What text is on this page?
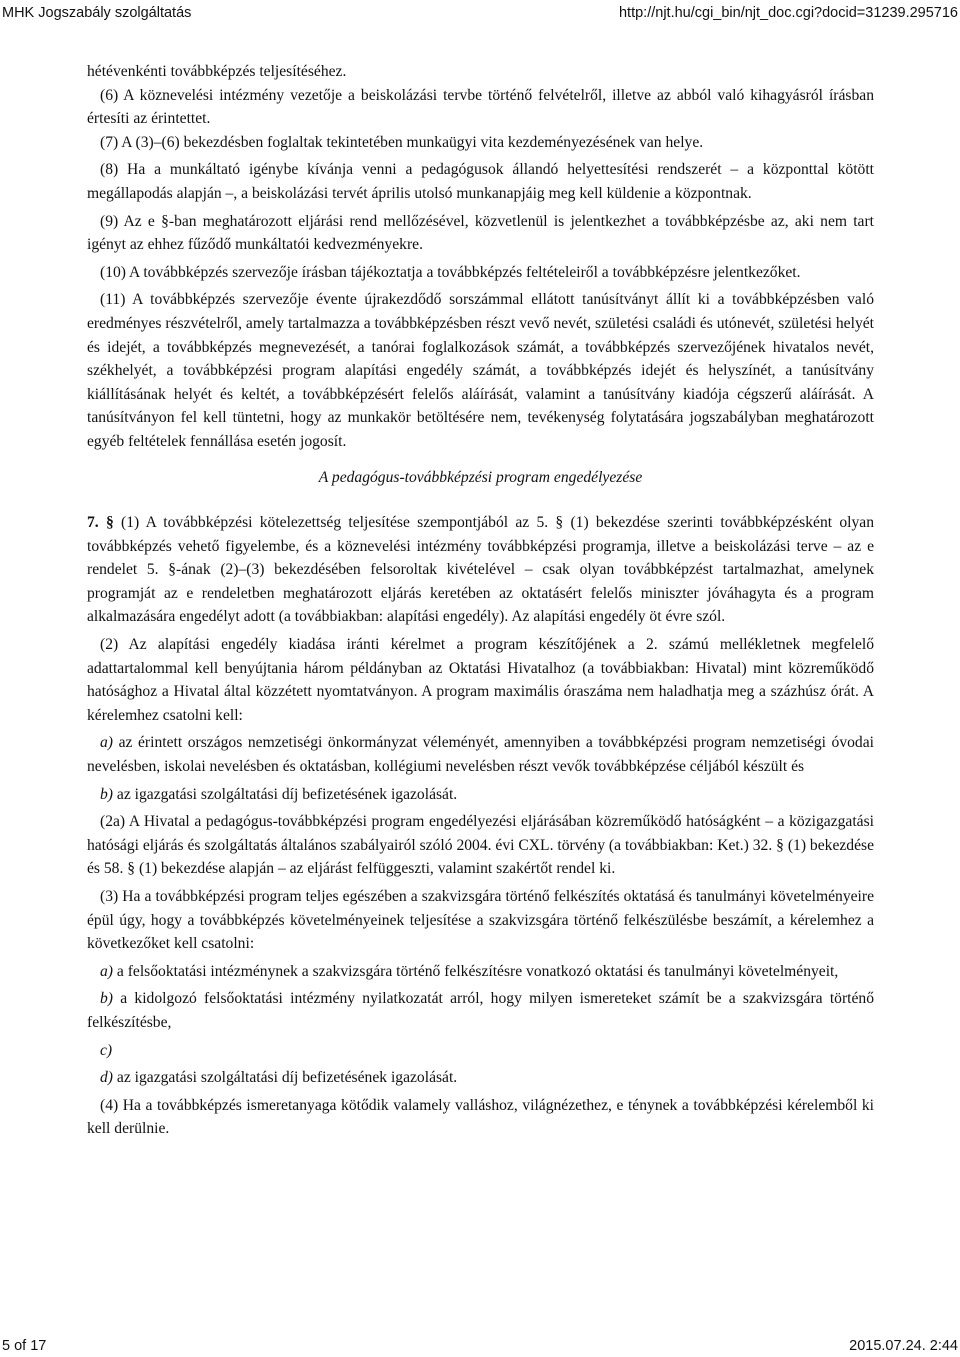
MHK Jogszabály szolgáltatás	http://njt.hu/cgi_bin/njt_doc.cgi?docid=31239.295716

hétévenkénti továbbképzés teljesítéséhez.

(6) A köznevelési intézmény vezetője a beiskolázási tervbe történő felvételről, illetve az abból való kihagyásról írásban értesíti az érintettet.

(7) A (3)–(6) bekezdésben foglaltak tekintetében munkaügyi vita kezdeményezésének van helye.

(8) Ha a munkáltató igénybe kívánja venni a pedagógusok állandó helyettesítési rendszerét – a központtal kötött megállapodás alapján –, a beiskolázási tervét április utolsó munkanapjáig meg kell küldenie a központnak.

(9) Az e §-ban meghatározott eljárási rend mellőzésével, közvetlenül is jelentkezhet a továbbképzésbe az, aki nem tart igényt az ehhez fűződő munkáltatói kedvezményekre.

(10) A továbbképzés szervezője írásban tájékoztatja a továbbképzés feltételeiről a továbbképzésre jelentkezőket.

(11) A továbbképzés szervezője évente újrakezdődő sorszámmal ellátott tanúsítványt állít ki a továbbképzésben való eredményes részvételről, amely tartalmazza a továbbképzésben részt vevő nevét, születési családi és utónevét, születési helyét és idejét, a továbbképzés megnevezését, a tanórai foglalkozások számát, a továbbképzés szervezőjének hivatalos nevét, székhelyét, a továbbképzési program alapítási engedély számát, a továbbképzés idejét és helyszínét, a tanúsítvány kiállításának helyét és keltét, a továbbképzésért felelős aláírását, valamint a tanúsítvány kiadója cégszerű aláírását. A tanúsítványon fel kell tüntetni, hogy az munkakör betöltésére nem, tevékenység folytatására jogszabályban meghatározott egyéb feltételek fennállása esetén jogosít.

A pedagógus-továbbképzési program engedélyezése

7. § (1) A továbbképzési kötelezettség teljesítése szempontjából az 5. § (1) bekezdése szerinti továbbképzésként olyan továbbképzés vehető figyelembe, és a köznevelési intézmény továbbképzési programja, illetve a beiskolázási terve – az e rendelet 5. §-ának (2)–(3) bekezdésében felsoroltak kivételével – csak olyan továbbképzést tartalmazhat, amelynek programját az e rendeletben meghatározott eljárás keretében az oktatásért felelős miniszter jóváhagyta és a program alkalmazására engedélyt adott (a továbbiakban: alapítási engedély). Az alapítási engedély öt évre szól.

(2) Az alapítási engedély kiadása iránti kérelmet a program készítőjének a 2. számú mellékletnek megfelelő adattartalommal kell benyújtania három példányban az Oktatási Hivatalhoz (a továbbiakban: Hivatal) mint közreműködő hatósághoz a Hivatal által közzétett nyomtatványon. A program maximális óraszáma nem haladhatja meg a százhúsz órát. A kérelemhez csatolni kell:

a) az érintett országos nemzetiségi önkormányzat véleményét, amennyiben a továbbképzési program nemzetiségi óvodai nevelésben, iskolai nevelésben és oktatásban, kollégiumi nevelésben részt vevők továbbképzése céljából készült és

b) az igazgatási szolgáltatási díj befizetésének igazolását.

(2a) A Hivatal a pedagógus-továbbképzési program engedélyezési eljárásában közreműködő hatóságként – a közigazgatási hatósági eljárás és szolgáltatás általános szabályairól szóló 2004. évi CXL. törvény (a továbbiakban: Ket.) 32. § (1) bekezdése és 58. § (1) bekezdése alapján – az eljárást felfüggeszti, valamint szakértőt rendel ki.

(3) Ha a továbbképzési program teljes egészében a szakvizsgára történő felkészítés oktatásá és tanulmányi követelményeire épül úgy, hogy a továbbképzés követelményeinek teljesítése a szakvizsgára történő felkészülésbe beszámít, a kérelemhez a következőket kell csatolni:

a) a felsőoktatási intézménynek a szakvizsgára történő felkészítésre vonatkozó oktatási és tanulmányi követelményeit,

b) a kidolgozó felsőoktatási intézmény nyilatkozatát arról, hogy milyen ismereteket számít be a szakvizsgára történő felkészítésbe,

c)

d) az igazgatási szolgáltatási díj befizetésének igazolását.

(4) Ha a továbbképzés ismeretanyaga kötődik valamely valláshoz, világnézethez, e ténynek a továbbképzési kérelemből ki kell derülnie.

5 of 17	2015.07.24. 2:44
